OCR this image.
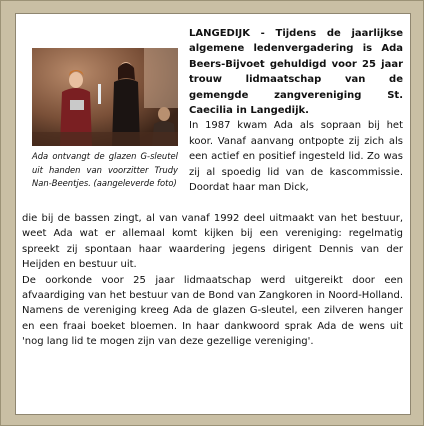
Ada ontvangt de glazen G-sleutel uit handen van voorzitter Trudy Nan-Beentjes. (aangeleverde foto)

LANGEDIJK - Tijdens de jaarlijkse algemene ledenvergadering is Ada Beers-Bijvoet gehuldigd voor 25 jaar trouw lidmaatschap van de gemengde zangvereniging St. Caecilia in Langedijk.

In 1987 kwam Ada als sopraan bij het koor. Vanaf aanvang ontpopte zij zich als een actief en positief ingesteld lid. Zo was zij al spoedig lid van de kascommissie. Doordat haar man Dick,

die bij de bassen zingt, al van vanaf 1992 deel uitmaakt van het bestuur, weet Ada wat er allemaal komt kijken bij een vereniging: regelmatig spreekt zij spontaan haar waardering jegens dirigent Dennis van der Heijden en bestuur uit.

De oorkonde voor 25 jaar lidmaatschap werd uitgereikt door een afvaardiging van het bestuur van de Bond van Zangkoren in Noord-Holland. Namens de vereniging kreeg Ada de glazen G-sleutel, een zilveren hanger en een fraai boeket bloemen. In haar dankwoord sprak Ada de wens uit 'nog lang lid te mogen zijn van deze gezellige vereniging'.
